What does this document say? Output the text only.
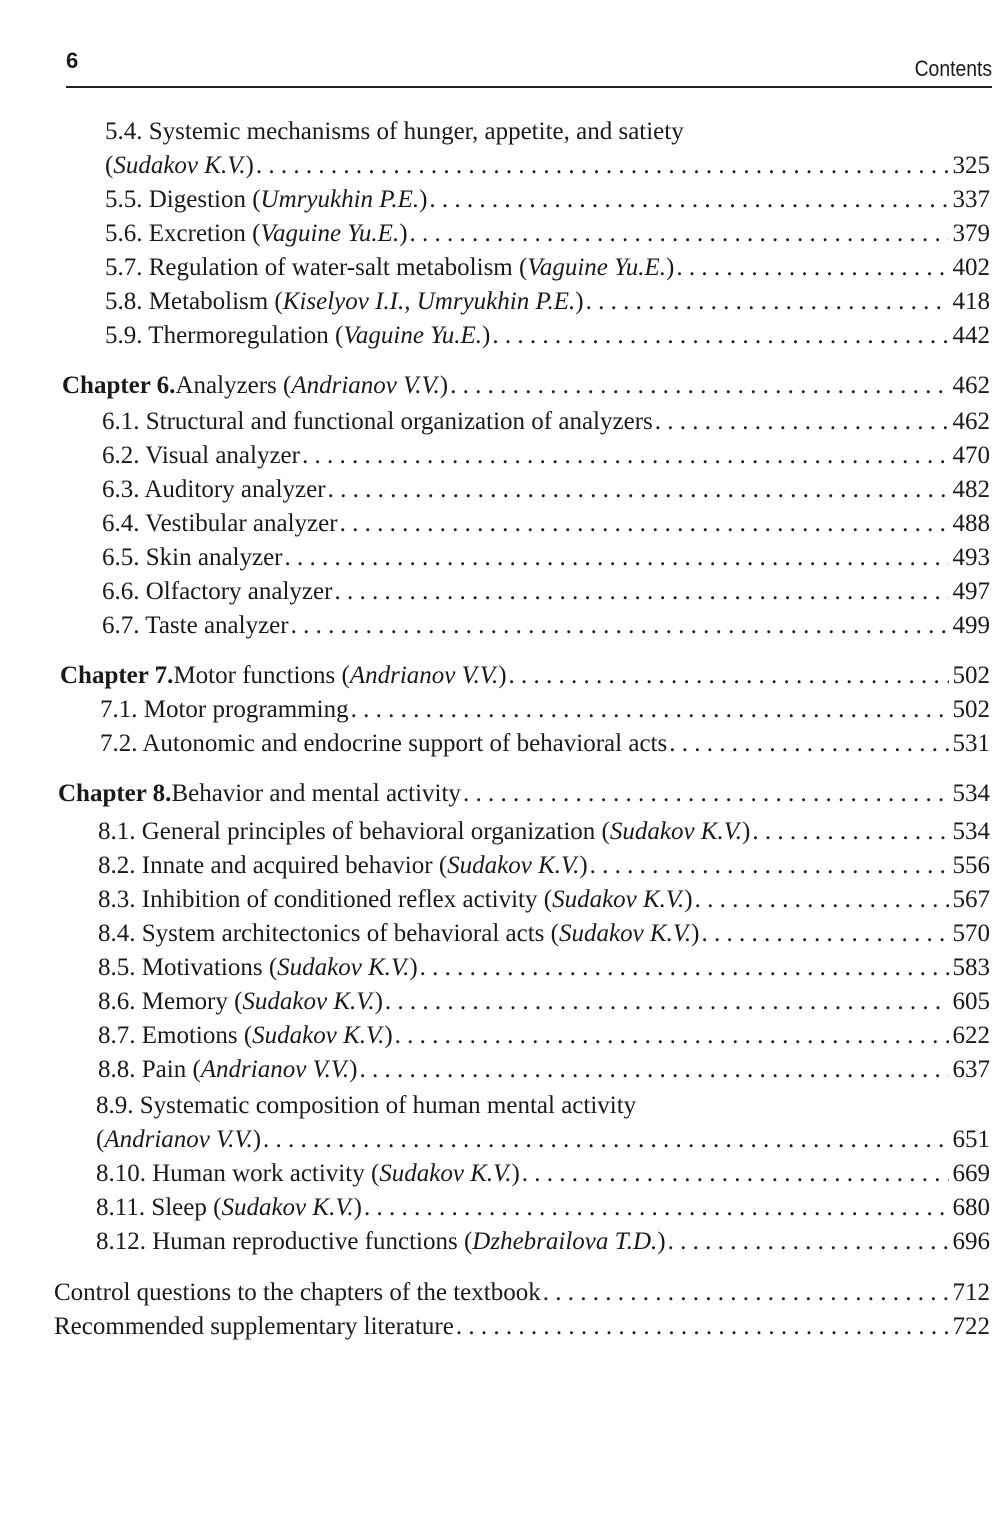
6	Contents
5.4. Systemic mechanisms of hunger, appetite, and satiety
( Sudakov K.V. ) . . .	325
5.5. Digestion ( Umryukhin P.E. ) . . .	337
5.6. Excretion ( Vaguine Yu.E. ) . . .	379
5.7. Regulation of water-salt metabolism ( Vaguine Yu.E. ) . . .	402
5.8. Metabolism ( Kiselyov I.I., Umryukhin P.E. ) . . .	418
5.9. Thermoregulation ( Vaguine Yu.E. ) . . .	442
Chapter 6. Analyzers ( Andrianov V.V. ) . . .	462
6.1. Structural and functional organization of analyzers . . .	462
6.2. Visual analyzer . . .	470
6.3. Auditory analyzer . . .	482
6.4. Vestibular analyzer . . .	488
6.5. Skin analyzer . . .	493
6.6. Olfactory analyzer . . .	497
6.7. Taste analyzer . . .	499
Chapter 7. Motor functions ( Andrianov V.V. ) . . .	502
7.1. Motor programming . . .	502
7.2. Autonomic and endocrine support of behavioral acts . . .	531
Chapter 8. Behavior and mental activity . . .	534
8.1. General principles of behavioral organization ( Sudakov K.V. ) . . .	534
8.2. Innate and acquired behavior ( Sudakov K.V. ) . . .	556
8.3. Inhibition of conditioned reflex activity ( Sudakov K.V. ) . . .	567
8.4. System architectonics of behavioral acts ( Sudakov K.V. ) . . .	570
8.5. Motivations ( Sudakov K.V. ) . . .	583
8.6. Memory ( Sudakov K.V. ) . . .	605
8.7. Emotions ( Sudakov K.V. ) . . .	622
8.8. Pain ( Andrianov V.V. ) . . .	637
8.9. Systematic composition of human mental activity
( Andrianov V.V. ) . . .	651
8.10. Human work activity ( Sudakov K.V. ) . . .	669
8.11. Sleep ( Sudakov K.V. ) . . .	680
8.12. Human reproductive functions ( Dzhebrailova T.D. ) . . .	696
Control questions to the chapters of the textbook . . .	712
Recommended supplementary literature . . .	722
